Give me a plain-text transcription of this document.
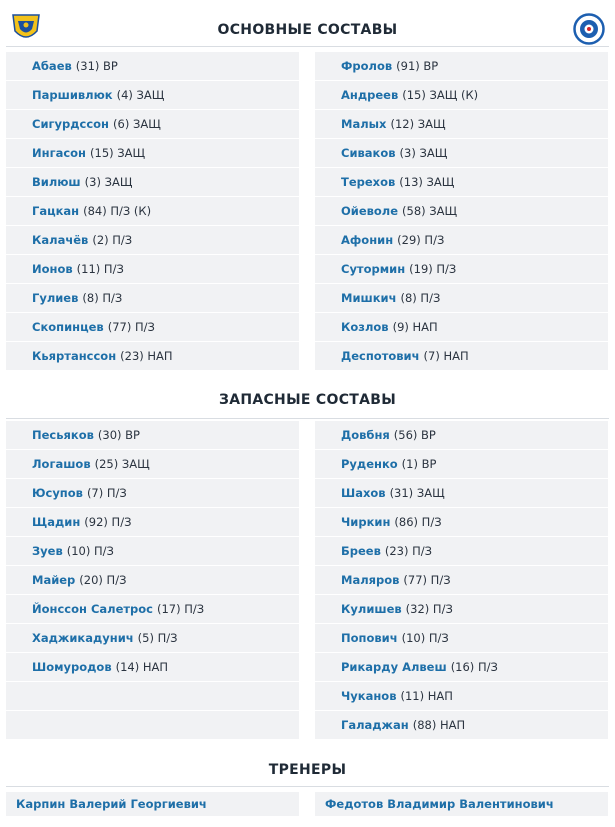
ОСНОВНЫЕ СОСТАВЫ
Абаев (31) ВР
Паршивлюк (4) ЗАЩ
Сигурдссон (6) ЗАЩ
Ингасон (15) ЗАЩ
Вилюш (3) ЗАЩ
Гацкан (84) П/З (К)
Калачёв (2) П/З
Ионов (11) П/З
Гулиев (8) П/З
Скопинцев (77) П/З
Кьяртанссон (23) НАП
Фролов (91) ВР
Андреев (15) ЗАЩ (К)
Малых (12) ЗАЩ
Сиваков (3) ЗАЩ
Терехов (13) ЗАЩ
Ойеволе (58) ЗАЩ
Афонин (29) П/З
Сутормин (19) П/З
Мишкич (8) П/З
Козлов (9) НАП
Деспотович (7) НАП
ЗАПАСНЫЕ СОСТАВЫ
Песьяков (30) ВР
Логашов (25) ЗАЩ
Юсупов (7) П/З
Щадин (92) П/З
Зуев (10) П/З
Майер (20) П/З
Йонссон Салетрос (17) П/З
Хаджикадунич (5) П/З
Шомуродов (14) НАП
Довбня (56) ВР
Руденко (1) ВР
Шахов (31) ЗАЩ
Чиркин (86) П/З
Бреев (23) П/З
Маляров (77) П/З
Кулишев (32) П/З
Попович (10) П/З
Рикарду Алвеш (16) П/З
Чуканов (11) НАП
Галаджан (88) НАП
ТРЕНЕРЫ
Карпин Валерий Георгиевич	Федотов Владимир Валентинович
